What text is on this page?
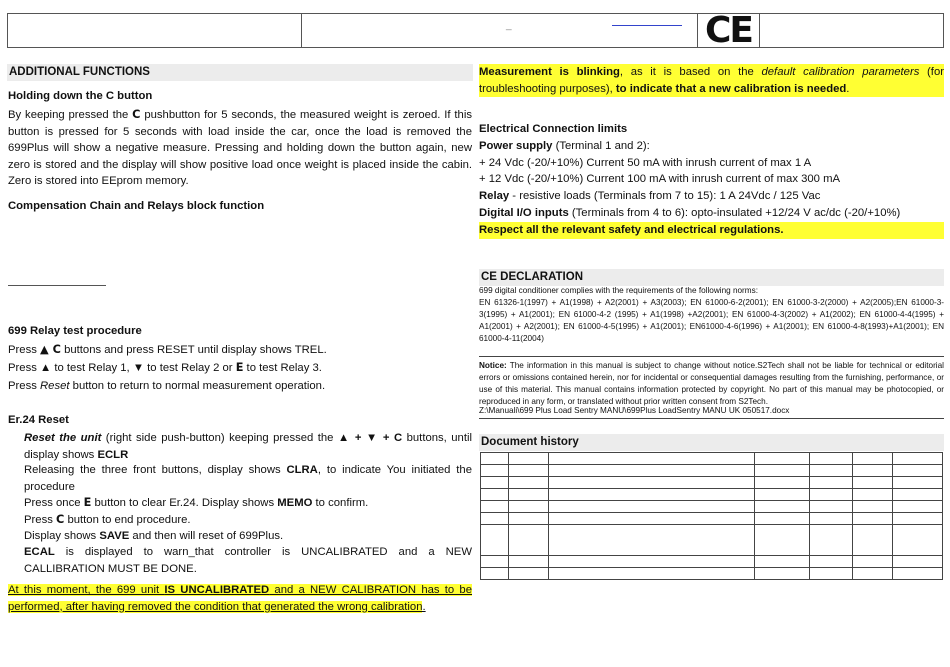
_	CE
ADDITIONAL FUNCTIONS
Holding down the C button
By keeping pressed the C pushbutton for 5 seconds, the measured weight is zeroed. If this button is pressed for 5 seconds with load inside the car, once the load is removed the 699Plus will show a negative measure. Pressing and holding down the button again, new zero is stored and the display will show positive load once weight is placed inside the cabin. Zero is stored into EEprom memory.
Compensation Chain and Relays block function
699 Relay test procedure
Press ▲ C buttons and press RESET until display shows TREL.
Press ▲ to test Relay 1, ▼ to test Relay 2 or E to test Relay 3.
Press Reset button to return to normal measurement operation.
Er.24 Reset
Reset the unit (right side push-button) keeping pressed the ▲ + ▼ + C buttons, until display shows ECLR
Releasing the three front buttons, display shows CLRA, to indicate You initiated the procedure
Press once E button to clear Er.24. Display shows MEMO to confirm.
Press C button to end procedure.
Display shows SAVE and then will reset of 699Plus.
ECAL is displayed to warn_that controller is UNCALIBRATED and a NEW CALLIBRATION MUST BE DONE.
At this moment, the 699 unit IS UNCALIBRATED and a NEW CALIBRATION has to be performed, after having removed the condition that generated the wrong calibration.
Measurement is blinking, as it is based on the default calibration parameters (for troubleshooting purposes), to indicate that a new calibration is needed.
Electrical Connection limits
Power supply (Terminal 1 and 2):
+ 24 Vdc (-20/+10%) Current 50 mA with inrush current of max 1 A
+ 12 Vdc (-20/+10%) Current 100 mA with inrush current of max 300 mA
Relay - resistive loads (Terminals from 7 to 15): 1 A 24Vdc / 125 Vac
Digital I/O inputs (Terminals from 4 to 6): opto-insulated +12/24 V ac/dc (-20/+10%)
Respect all the relevant safety and electrical regulations.
CE DECLARATION
699 digital conditioner complies with the requirements of the following norms:
EN 61326-1(1997) + A1(1998) + A2(2001) + A3(2003); EN 61000-6-2(2001); EN 61000-3-2(2000) + A2(2005);EN 61000-3-3(1995) + A1(2001); EN 61000-4-2 (1995) + A1(1998) +A2(2001); EN 61000-4-3(2002) + A1(2002); EN 61000-4-4(1995) + A1(2001) + A2(2001); EN 61000-4-5(1995) + A1(2001); EN61000-4-6(1996) + A1(2001); EN 61000-4-8(1993)+A1(2001); EN 61000-4-11(2004)
Notice: The information in this manual is subject to change without notice.S2Tech shall not be liable for technical or editorial errors or omissions contained herein, nor for incidental or consequential damages resulting from the furnishing, performance, or use of this material. This manual contains information protected by copyright. No part of this manual may be photocopied, or reproduced in any form, or translated without prior written consent from S2Tech.
Z:\Manuali\699 Plus Load Sentry MANU\699Plus LoadSentry MANU UK 050517.docx
Document history
